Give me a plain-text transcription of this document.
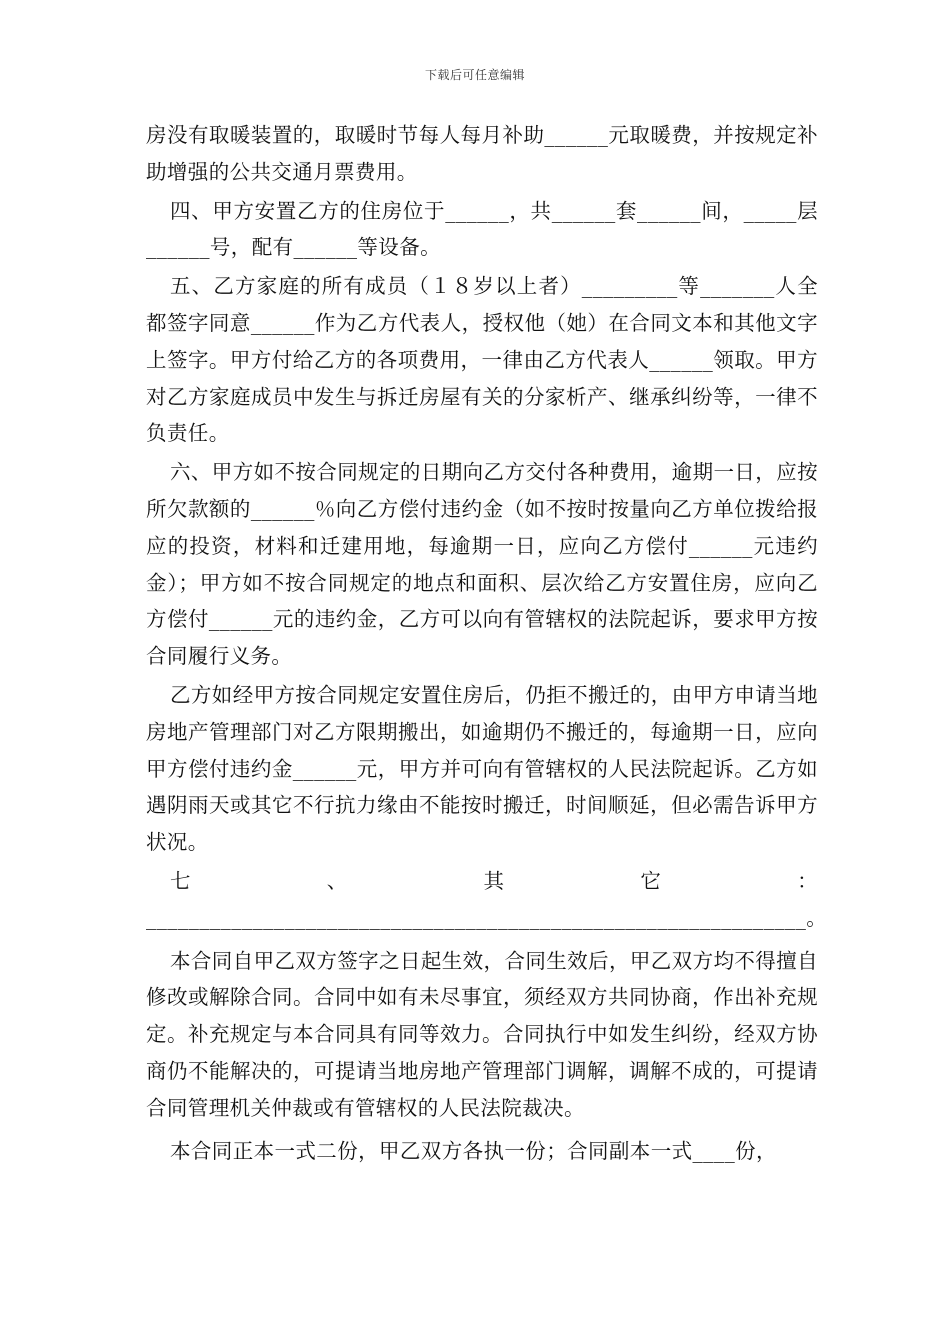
下载后可任意编辑

房没有取暖装置的，取暖时节每人每月补助______元取暖费，并按规定补助增强的公共交通月票费用。

四、甲方安置乙方的住房位于______，共______套______间，_____层______号，配有______等设备。

五、乙方家庭的所有成员（１８岁以上者）_________等_______人全都签字同意______作为乙方代表人，授权他（她）在合同文本和其他文字上签字。甲方付给乙方的各项费用，一律由乙方代表人______领取。甲方对乙方家庭成员中发生与拆迁房屋有关的分家析产、继承纠纷等，一律不负责任。

六、甲方如不按合同规定的日期向乙方交付各种费用，逾期一日，应按所欠款额的______％向乙方偿付违约金（如不按时按量向乙方单位拨给报应的投资，材料和迁建用地，每逾期一日，应向乙方偿付______元违约金）；甲方如不按合同规定的地点和面积、层次给乙方安置住房，应向乙方偿付______元的违约金，乙方可以向有管辖权的法院起诉，要求甲方按合同履行义务。

乙方如经甲方按合同规定安置住房后，仍拒不搬迁的，由甲方申请当地房地产管理部门对乙方限期搬出，如逾期仍不搬迁的，每逾期一日，应向甲方偿付违约金______元，甲方并可向有管辖权的人民法院起诉。乙方如遇阴雨天或其它不行抗力缘由不能按时搬迁，时间顺延，但必需告诉甲方状况。

七、其它：______________________________________________________________。

本合同自甲乙双方签字之日起生效，合同生效后，甲乙双方均不得擅自修改或解除合同。合同中如有未尽事宜，须经双方共同协商，作出补充规定。补充规定与本合同具有同等效力。合同执行中如发生纠纷，经双方协商仍不能解决的，可提请当地房地产管理部门调解，调解不成的，可提请合同管理机关仲裁或有管辖权的人民法院裁决。

本合同正本一式二份，甲乙双方各执一份；合同副本一式____份，
